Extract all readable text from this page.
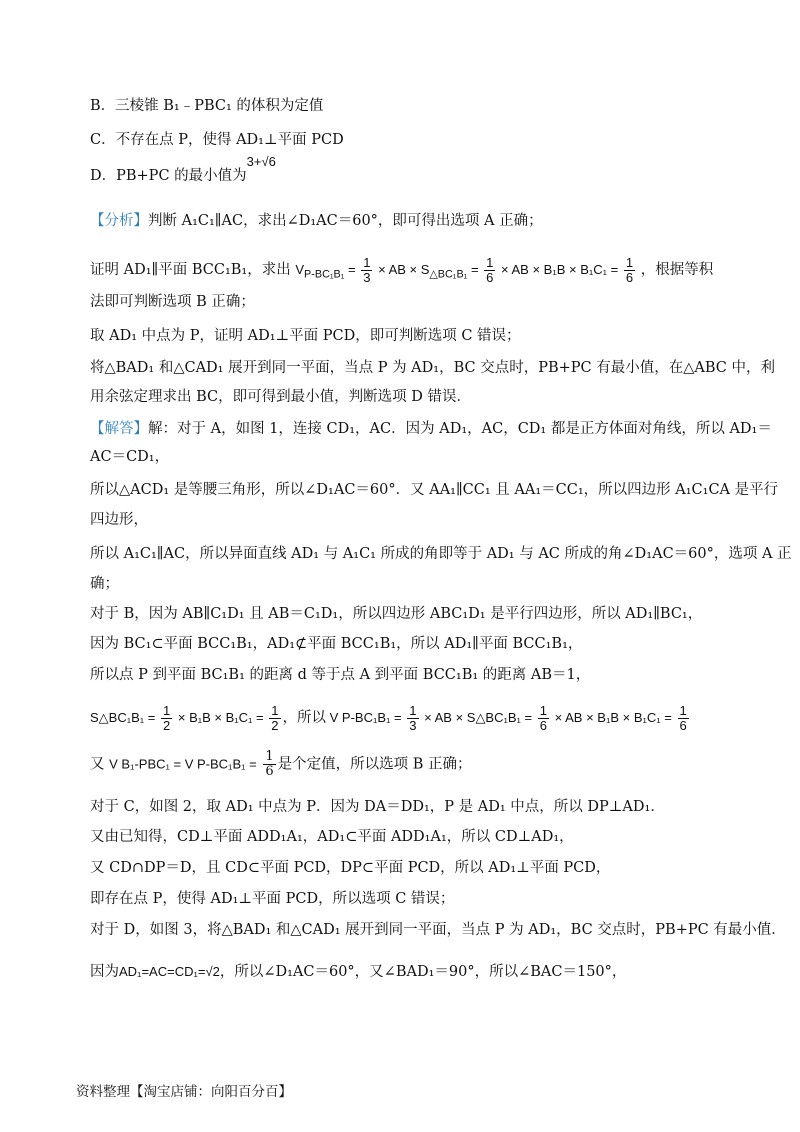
B．三棱锥 B₁﹣PBC₁ 的体积为定值
C．不存在点 P，使得 AD₁⊥平面 PCD
D．PB+PC 的最小值为3+√6
【分析】判断 A₁C₁∥AC，求出∠D₁AC＝60°，即可得出选项 A 正确；
证明 AD₁∥平面 BCC₁B₁，求出 $V_{P-BC_1B_1} = \frac{1}{3}$ × AB × $S_{\triangle BC_1B_1} = \frac{1}{6}$ × AB × $B_1B \times B_1C_1 = \frac{1}{6}$ ，根据等积
法即可判断选项 B 正确；
取 AD₁ 中点为 P，证明 AD₁⊥平面 PCD，即可判断选项 C 错误；
将△BAD₁ 和△CAD₁ 展开到同一平面，当点 P 为 AD₁，BC 交点时，PB+PC 有最小值，在△ABC 中，利
用余弦定理求出 BC，即可得到最小值，判断选项 D 错误．
【解答】解：对于 A，如图 1，连接 CD₁，AC．因为 AD₁，AC，CD₁ 都是正方体面对角线，所以 AD₁＝
AC＝CD₁，
所以△ACD₁ 是等腰三角形，所以∠D₁AC＝60°．又 AA₁∥CC₁ 且 AA₁＝CC₁，所以四边形 A₁C₁CA 是平行
四边形，
所以 A₁C₁∥AC，所以异面直线 AD₁ 与 A₁C₁ 所成的角即等于 AD₁ 与 AC 所成的角∠D₁AC＝60°，选项 A 正
确；
对于 B，因为 AB∥C₁D₁ 且 AB＝C₁D₁，所以四边形 ABC₁D₁ 是平行四边形，所以 AD₁∥BC₁，
因为 BC₁⊂平面 BCC₁B₁，AD₁⊄平面 BCC₁B₁，所以 AD₁∥平面 BCC₁B₁，
所以点 P 到平面 BC₁B₁ 的距离 d 等于点 A 到平面 BCC₁B₁ 的距离 AB＝1，
S△BC₁B₁ = $\frac{1}{2} \times B_1B \times B_1C_1 = \frac{1}{2}$ ，所以 V $P-BC_1B_1 = \frac{1}{3}$ × AB × S△BC₁B₁ = $\frac{1}{6}$ × AB × $B_1B \times B_1C_1 = \frac{1}{6}$
又 V B₁-PBC₁ = V $P-BC_1B_1 = \frac{1}{6}$ 是个定值，所以选项 B 正确；
对于 C，如图 2，取 AD₁ 中点为 P．因为 DA＝DD₁，P 是 AD₁ 中点，所以 DP⊥AD₁．
又由已知得，CD⊥平面 ADD₁A₁，AD₁⊂平面 ADD₁A₁，所以 CD⊥AD₁，
又 CD∩DP＝D，且 CD⊂平面 PCD，DP⊂平面 PCD，所以 AD₁⊥平面 PCD，
即存在点 P，使得 AD₁⊥平面 PCD，所以选项 C 错误；
对于 D，如图 3，将△BAD₁ 和△CAD₁ 展开到同一平面，当点 P 为 AD₁，BC 交点时，PB+PC 有最小值．
因为AD₁=AC=CD₁=√2，所以∠D₁AC＝60°，又∠BAD₁＝90°，所以∠BAC＝150°，
资料整理【淘宝店铺：向阳百分百】
